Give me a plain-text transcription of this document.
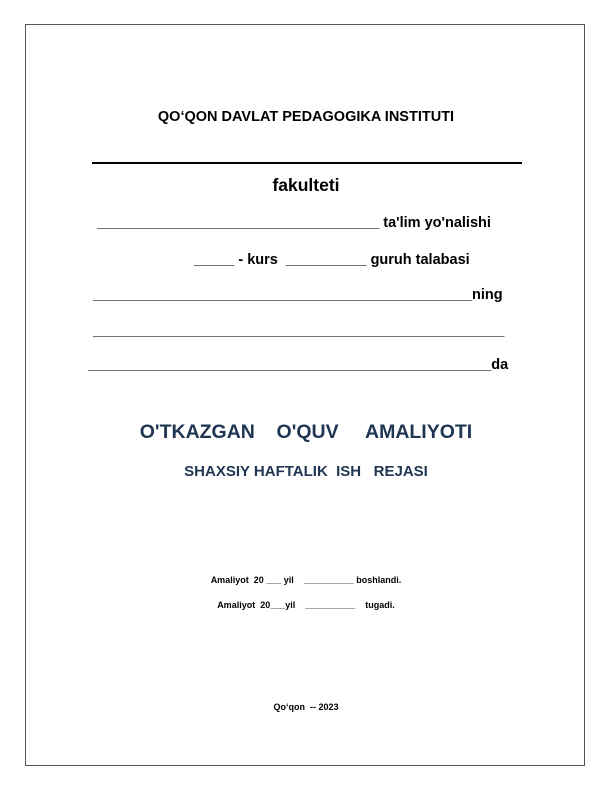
QO‘QON DAVLAT PEDAGOGIKA INSTITUTI
fakulteti
___________________________________ ta'lim yo'nalishi
_____ - kurs  __________ guruh talabasi
_______________________________________________ning
___________________________________________________
__________________________________________________da
O'TKAZGAN    O'QUV     AMALIYOTI
SHAXSIY HAFTALIK  ISH   REJASI
Amaliyot  20 ___ yil    __________ boshlandi.
Amaliyot  20___yil    __________    tugadi.
Qo‘qon  -- 2023
